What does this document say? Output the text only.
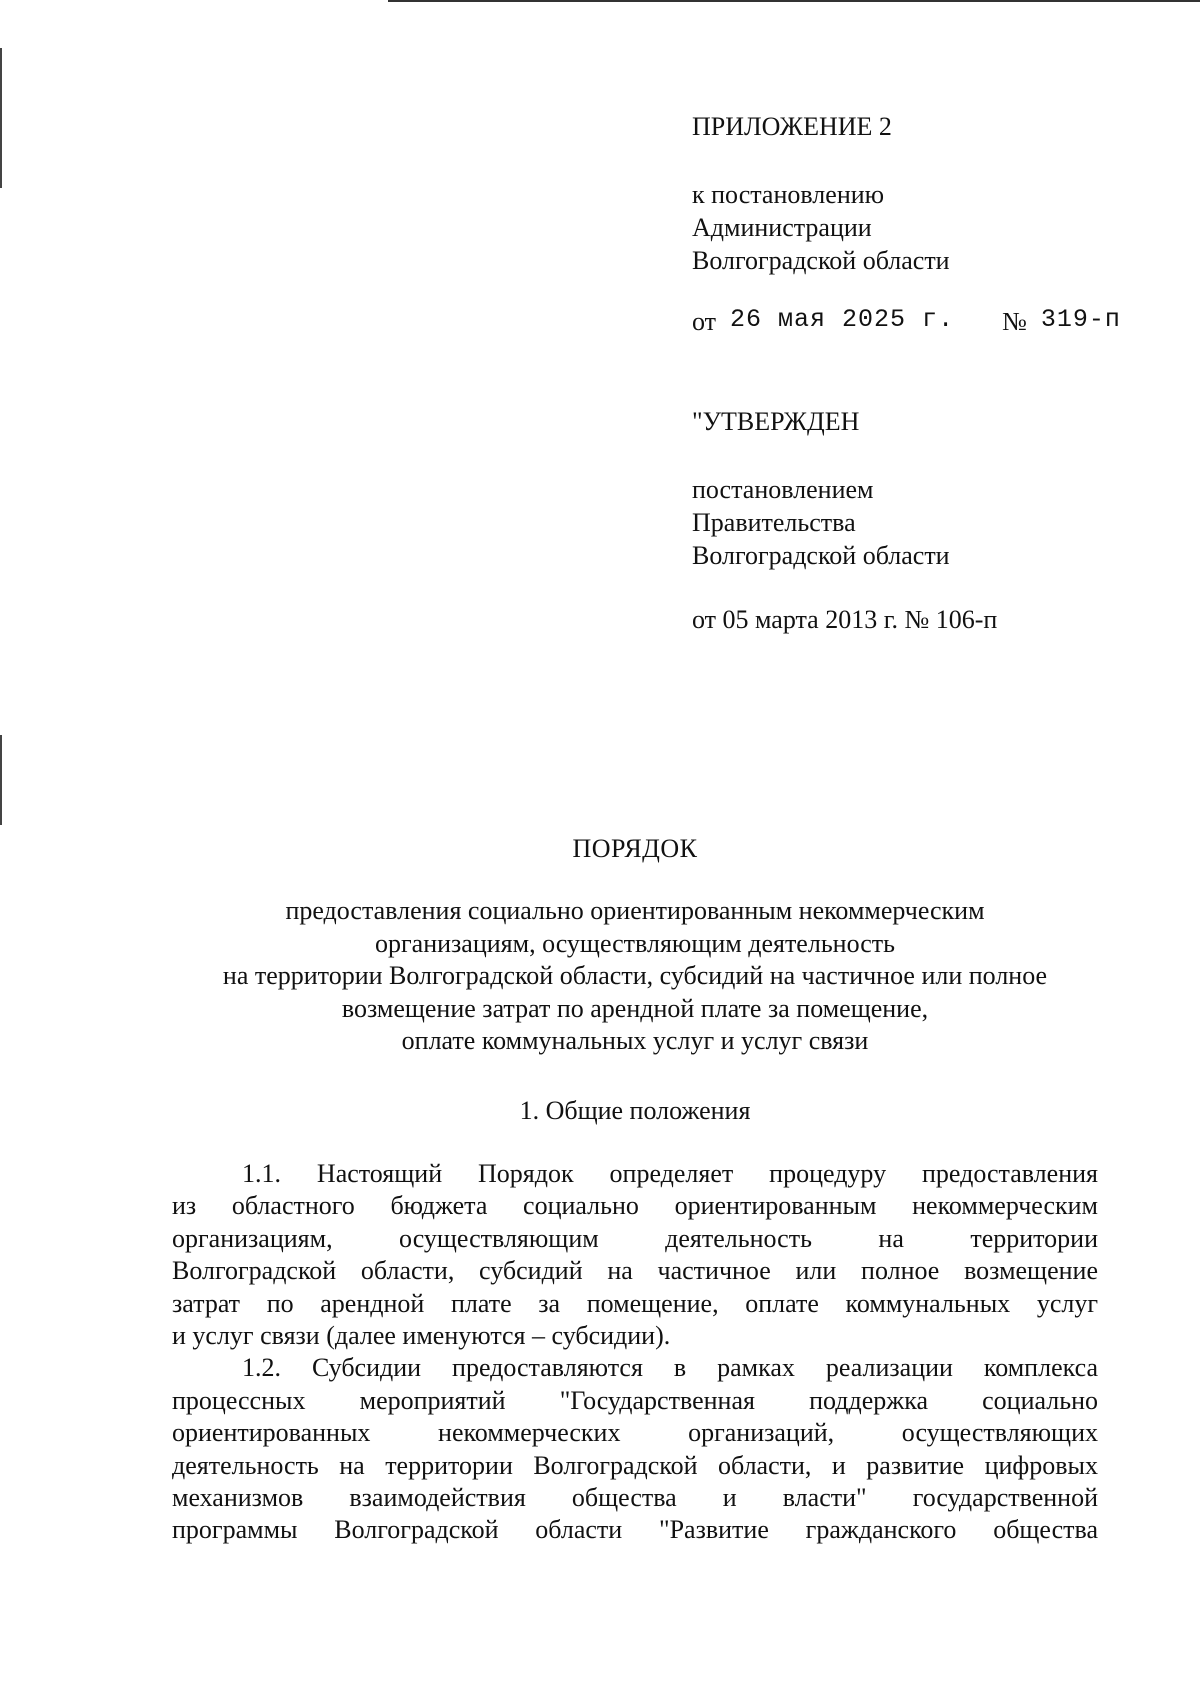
ПРИЛОЖЕНИЕ 2
к постановлению
Администрации
Волгоградской области
от 26 мая 2025 г. № 319-п
"УТВЕРЖДЕН
постановлением
Правительства
Волгоградской области
от 05 марта 2013 г. № 106-п
ПОРЯДОК
предоставления социально ориентированным некоммерческим
организациям, осуществляющим деятельность
на территории Волгоградской области, субсидий на частичное или полное
возмещение затрат по арендной плате за помещение,
оплате коммунальных услуг и услуг связи
1. Общие положения
1.1. Настоящий Порядок определяет процедуру предоставления
из областного бюджета социально ориентированным некоммерческим
организациям, осуществляющим деятельность на территории
Волгоградской области, субсидий на частичное или полное возмещение
затрат по арендной плате за помещение, оплате коммунальных услуг
и услуг связи (далее именуются – субсидии).
1.2. Субсидии предоставляются в рамках реализации комплекса
процессных мероприятий "Государственная поддержка социально
ориентированных некоммерческих организаций, осуществляющих
деятельность на территории Волгоградской области, и развитие цифровых
механизмов взаимодействия общества и власти" государственной
программы Волгоградской области "Развитие гражданского общества
